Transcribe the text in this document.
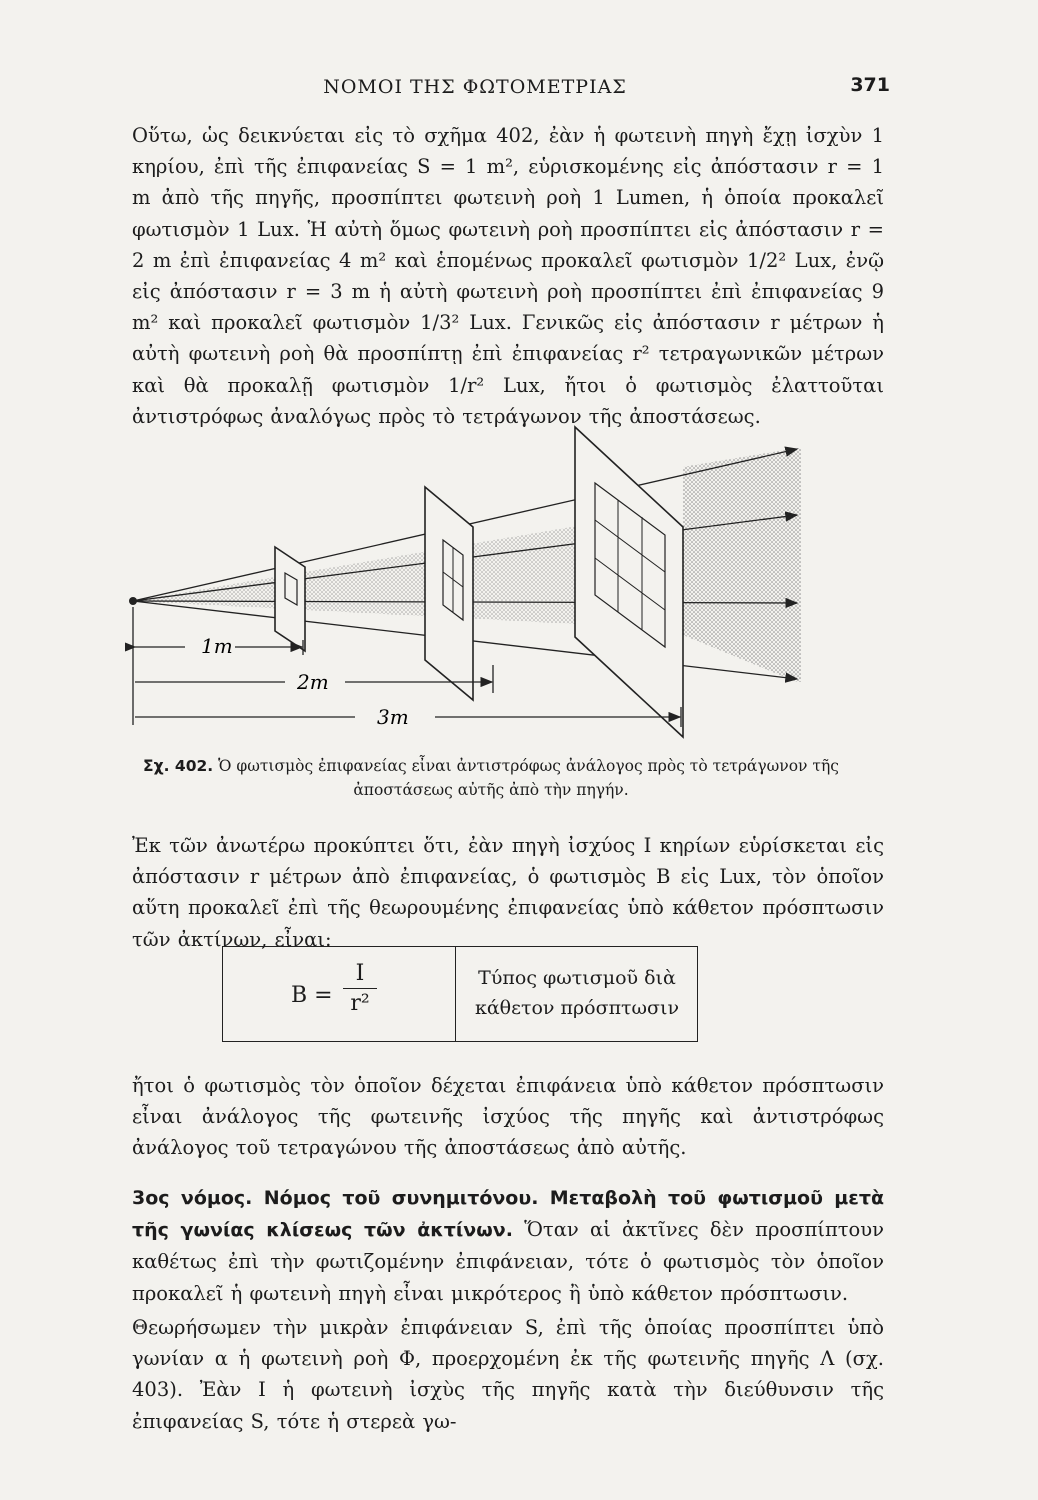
ΝΟΜΟΙ ΤΗΣ ΦΩΤΟΜΕΤΡΙΑΣ	371
Οὕτω, ὡς δεικνύεται εἰς τὸ σχῆμα 402, ἐὰν ἡ φωτεινὴ πηγὴ ἔχῃ ἰσχὺν 1 κηρίου, ἐπὶ τῆς ἐπιφανείας S = 1 m², εὑρισκομένης εἰς ἀπόστασιν r = 1 m ἀπὸ τῆς πηγῆς, προσπίπτει φωτεινὴ ροὴ 1 Lumen, ἡ ὁποία προκαλεῖ φωτισμὸν 1 Lux. Ἡ αὐτὴ ὅμως φωτεινὴ ροὴ προσπίπτει εἰς ἀπόστασιν r = 2 m ἐπὶ ἐπιφανείας 4 m² καὶ ἑπομένως προκαλεῖ φωτισμὸν 1/2² Lux, ἐνῷ εἰς ἀπόστασιν r = 3 m ἡ αὐτὴ φωτεινὴ ροὴ προσπίπτει ἐπὶ ἐπιφανείας 9 m² καὶ προκαλεῖ φωτισμὸν 1/3² Lux. Γενικῶς εἰς ἀπόστασιν r μέτρων ἡ αὐτὴ φωτεινὴ ροὴ θὰ προσπίπτῃ ἐπὶ ἐπιφανείας r² τετραγωνικῶν μέτρων καὶ θὰ προκαλῇ φωτισμὸν 1/r² Lux, ἤτοι ὁ φωτισμὸς ἐλαττοῦται ἀντιστρόφως ἀναλόγως πρὸς τὸ τετράγωνον τῆς ἀποστάσεως.
1m
2m
3m
Σχ. 402. Ὁ φωτισμὸς ἐπιφανείας εἶναι ἀντιστρόφως ἀνάλογος πρὸς τὸ τετράγωνον τῆς ἀποστάσεως αὐτῆς ἀπὸ τὴν πηγήν.
Ἐκ τῶν ἀνωτέρω προκύπτει ὅτι, ἐὰν πηγὴ ἰσχύος I κηρίων εὑρίσκεται εἰς ἀπόστασιν r μέτρων ἀπὸ ἐπιφανείας, ὁ φωτισμὸς B εἰς Lux, τὸν ὁποῖον αὕτη προκαλεῖ ἐπὶ τῆς θεωρουμένης ἐπιφανείας ὑπὸ κάθετον πρόσπτωσιν τῶν ἀκτίνων, εἶναι:
$B = \frac{I}{\text{r²}}$	Τύπος φωτισμοῦ διὰ
κάθετον πρόσπτωσιν
ἤτοι ὁ φωτισμὸς τὸν ὁποῖον δέχεται ἐπιφάνεια ὑπὸ κάθετον πρόσπτωσιν εἶναι ἀνάλογος τῆς φωτεινῆς ἰσχύος τῆς πηγῆς καὶ ἀντιστρόφως ἀνάλογος τοῦ τετραγώνου τῆς ἀποστάσεως ἀπὸ αὐτῆς.
3ος νόμος. Νόμος τοῦ συνημιτόνου. Μεταβολὴ τοῦ φωτισμοῦ μετὰ τῆς γωνίας κλίσεως τῶν ἀκτίνων. Ὅταν αἱ ἀκτῖνες δὲν προσπίπτουν καθέτως ἐπὶ τὴν φωτιζομένην ἐπιφάνειαν, τότε ὁ φωτισμὸς τὸν ὁποῖον προκαλεῖ ἡ φωτεινὴ πηγὴ εἶναι μικρότερος ἢ ὑπὸ κάθετον πρόσπτωσιν.
Θεωρήσωμεν τὴν μικρὰν ἐπιφάνειαν S, ἐπὶ τῆς ὁποίας προσπίπτει ὑπὸ γωνίαν α ἡ φωτεινὴ ροὴ Φ, προερχομένη ἐκ τῆς φωτεινῆς πηγῆς Λ (σχ. 403). Ἐὰν I ἡ φωτεινὴ ἰσχὺς τῆς πηγῆς κατὰ τὴν διεύθυνσιν τῆς ἐπιφανείας S, τότε ἡ στερεὰ γω-
